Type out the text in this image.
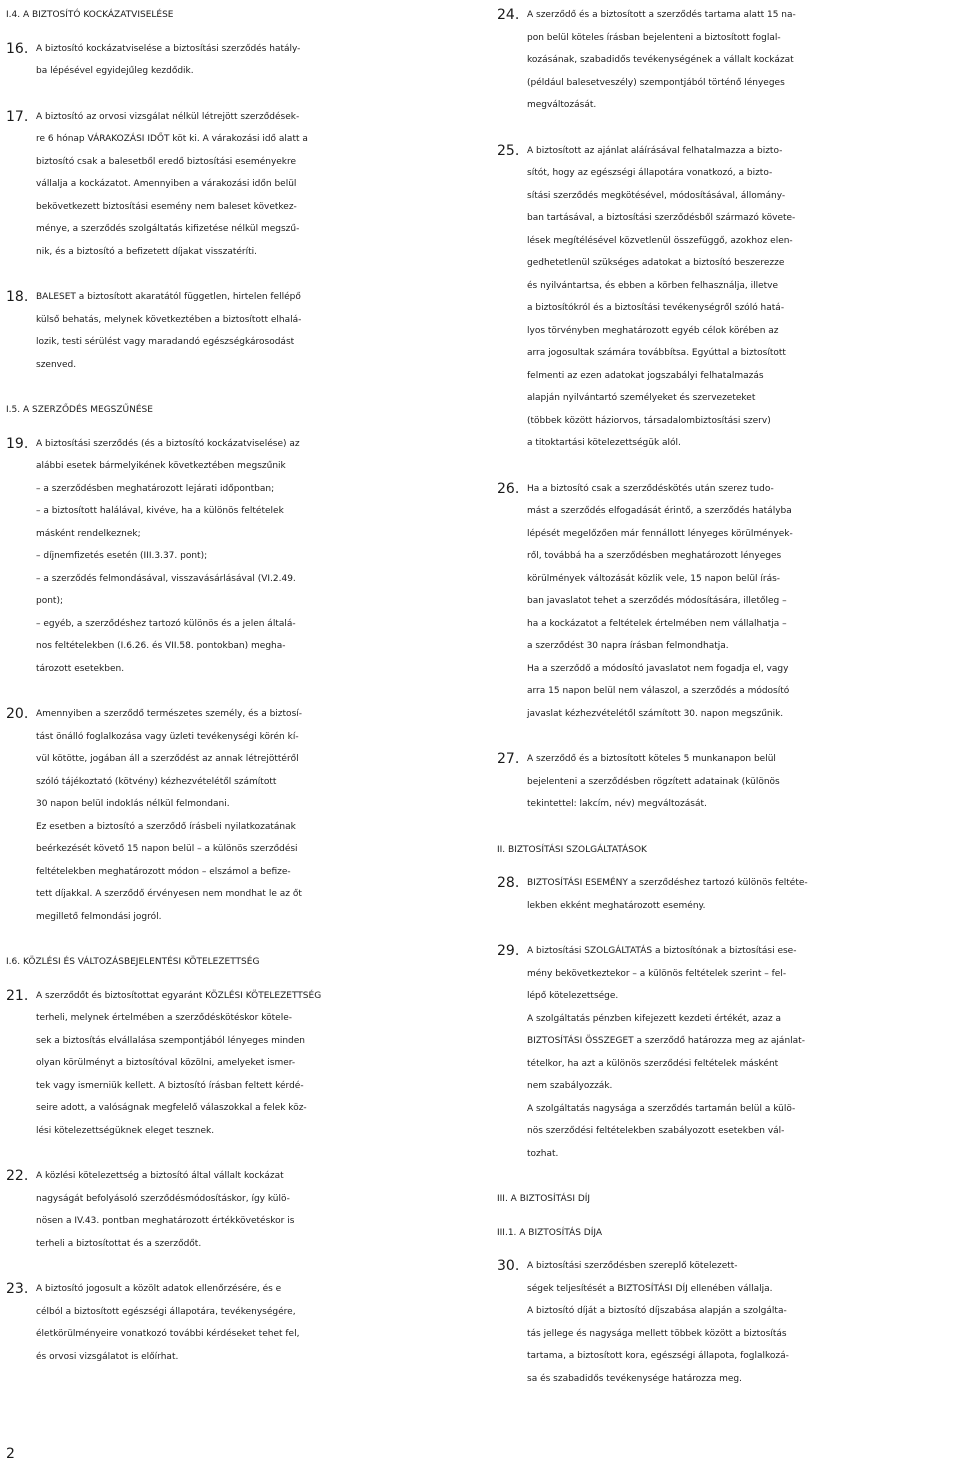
I.4. A BIZTOSÍTÓ KOCKÁZATVISELÉSE
16. A biztosító kockázatviselése a biztosítási szerződés hatály-
ba lépésével egyidejűleg kezdődik.
17. A biztosító az orvosi vizsgálat nélkül létrejött szerződések-
re 6 hónap VÁRAKOZÁSI IDŐT köt ki. A várakozási idő alatt a
biztosító csak a balesetből eredő biztosítási eseményekre
vállalja a kockázatot. Amennyiben a várakozási időn belül
bekövetkezett biztosítási esemény nem baleset következ-
ménye, a szerződés szolgáltatás kifizetése nélkül megszű-
nik, és a biztosító a befizetett díjakat visszatéríti.
18. BALESET a biztosított akaratától független, hirtelen fellépő
külső behatás, melynek következtében a biztosított elhalá-
lozik, testi sérülést vagy maradandó egészségkárosodást
szenved.
I.5. A SZERZŐDÉS MEGSZŰNÉSE
19. A biztosítási szerződés (és a biztosító kockázatviselése) az
alábbi esetek bármelyikének következtében megszűnik
– a szerződésben meghatározott lejárati időpontban;
– a biztosított halálával, kivéve, ha a különös feltételek
másként rendelkeznek;
– díjnemfizetés esetén (III.3.37. pont);
– a szerződés felmondásával, visszavásárlásával (VI.2.49.
pont);
– egyéb, a szerződéshez tartozó különös és a jelen általá-
nos feltételekben (I.6.26. és VII.58. pontokban) megha-
tározott esetekben.
20. Amennyiben a szerződő természetes személy, és a biztosí-
tást önálló foglalkozása vagy üzleti tevékenységi körén kí-
vül kötötte, jogában áll a szerződést az annak létrejöttéről
szóló tájékoztató (kötvény) kézhezvételétől számított
30 napon belül indoklás nélkül felmondani.
Ez esetben a biztosító a szerződő írásbeli nyilatkozatának
beérkezését követő 15 napon belül – a különös szerződési
feltételekben meghatározott módon – elszámol a befize-
tett díjakkal. A szerződő érvényesen nem mondhat le az őt
megillető felmondási jogról.
I.6. KÖZLÉSI ÉS VÁLTOZÁSBEJELENTÉSI KÖTELEZETTSÉG
21. A szerződőt és biztosítottat egyaránt KÖZLÉSI KÖTELEZETTSÉG
terheli, melynek értelmében a szerződéskötéskor kötele-
sek a biztosítás elvállalása szempontjából lényeges minden
olyan körülményt a biztosítóval közölni, amelyeket ismer-
tek vagy ismerniük kellett. A biztosító írásban feltett kérdé-
seire adott, a valóságnak megfelelő válaszokkal a felek köz-
lési kötelezettségüknek eleget tesznek.
22. A közlési kötelezettség a biztosító által vállalt kockázat
nagyságát befolyásoló szerződésmódosításkor, így külö-
nösen a IV.43. pontban meghatározott értékkövetéskor is
terheli a biztosítottat és a szerződőt.
23. A biztosító jogosult a közölt adatok ellenőrzésére, és e
célból a biztosított egészségi állapotára, tevékenységére,
életkörülményeire vonatkozó további kérdéseket tehet fel,
és orvosi vizsgálatot is előírhat.
24. A szerződő és a biztosított a szerződés tartama alatt 15 na-
pon belül köteles írásban bejelenteni a biztosított foglal-
kozásának, szabadidős tevékenységének a vállalt kockázat
(például balesetveszély) szempontjából történő lényeges
megváltozását.
25. A biztosított az ajánlat aláírásával felhatalmazza a bizto-
sítót, hogy az egészségi állapotára vonatkozó, a bizto-
sítási szerződés megkötésével, módosításával, állomány-
ban tartásával, a biztosítási szerződésből származó követe-
lések megítélésével közvetlenül összefüggő, azokhoz elen-
gedhetetlenül szükséges adatokat a biztosító beszerezze
és nyilvántartsa, és ebben a körben felhasználja, illetve
a biztosítókról és a biztosítási tevékenységről szóló hatá-
lyos törvényben meghatározott egyéb célok körében az
arra jogosultak számára továbbítsa. Egyúttal a biztosított
felmenti az ezen adatokat jogszabályi felhatalmazás
alapján nyilvántartó személyeket és szervezeteket
(többek között háziorvos, társadalombiztosítási szerv)
a titoktartási kötelezettségük alól.
26. Ha a biztosító csak a szerződéskötés után szerez tudo-
mást a szerződés elfogadását érintő, a szerződés hatályba
lépését megelőzően már fennállott lényeges körülmények-
ről, továbbá ha a szerződésben meghatározott lényeges
körülmények változását közlik vele, 15 napon belül írás-
ban javaslatot tehet a szerződés módosítására, illetőleg –
ha a kockázatot a feltételek értelmében nem vállalhatja –
a szerződést 30 napra írásban felmondhatja.
Ha a szerződő a módosító javaslatot nem fogadja el, vagy
arra 15 napon belül nem válaszol, a szerződés a módosító
javaslat kézhezvételétől számított 30. napon megszűnik.
27. A szerződő és a biztosított köteles 5 munkanapon belül
bejelenteni a szerződésben rögzített adatainak (különös
tekintettel: lakcím, név) megváltozását.
II. BIZTOSÍTÁSI SZOLGÁLTATÁSOK
28. BIZTOSÍTÁSI ESEMÉNY a szerződéshez tartozó különös feltéte-
lekben ekként meghatározott esemény.
29. A biztosítási SZOLGÁLTATÁS a biztosítónak a biztosítási ese-
mény bekövetkeztekor – a különös feltételek szerint – fel-
lépő kötelezettsége.
A szolgáltatás pénzben kifejezett kezdeti értékét, azaz a
BIZTOSÍTÁSI ÖSSZEGET a szerződő határozza meg az ajánlat-
tételkor, ha azt a különös szerződési feltételek másként
nem szabályozzák.
A szolgáltatás nagysága a szerződés tartamán belül a külö-
nös szerződési feltételekben szabályozott esetekben vál-
tozhat.
III. A BIZTOSÍTÁSI DÍJ
III.1. A BIZTOSÍTÁS DÍJA
30. A biztosítási szerződésben szereplő kötelezett-
ségek teljesítését a BIZTOSÍTÁSI DÍJ ellenében vállalja.
A biztosító díját a biztosító díjszabása alapján a szolgálta-
tás jellege és nagysága mellett többek között a biztosítás
tartama, a biztosított kora, egészségi állapota, foglalkozá-
sa és szabadidős tevékenysége határozza meg.
2
